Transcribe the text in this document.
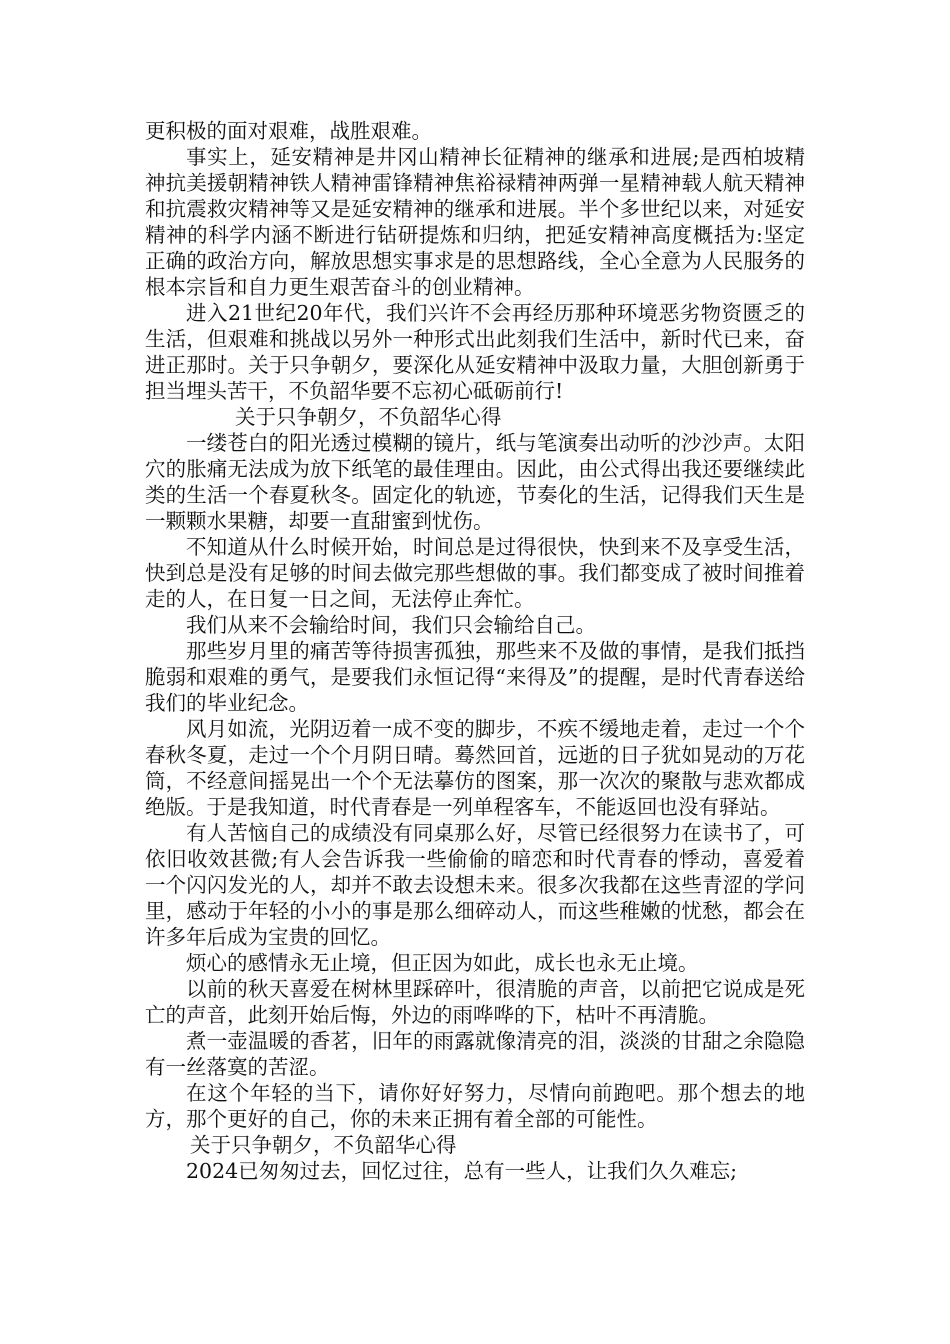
更积极的面对艰难，战胜艰难。

事实上，延安精神是井冈山精神长征精神的继承和进展;是西柏坡精神抗美援朝精神铁人精神雷锋精神焦裕禄精神两弹一星精神载人航天精神和抗震救灾精神等又是延安精神的继承和进展。半个多世纪以来，对延安精神的科学内涵不断进行钻研提炼和归纳，把延安精神高度概括为:坚定正确的政治方向，解放思想实事求是的思想路线，全心全意为人民服务的根本宗旨和自力更生艰苦奋斗的创业精神。

进入21世纪20年代，我们兴许不会再经历那种环境恶劣物资匮乏的生活，但艰难和挑战以另外一种形式出此刻我们生活中，新时代已来，奋进正那时。关于只争朝夕，要深化从延安精神中汲取力量，大胆创新勇于担当埋头苦干，不负韶华要不忘初心砥砺前行!

关于只争朝夕，不负韶华心得

一缕苍白的阳光透过模糊的镜片，纸与笔演奏出动听的沙沙声。太阳穴的胀痛无法成为放下纸笔的最佳理由。因此，由公式得出我还要继续此类的生活一个春夏秋冬。固定化的轨迹，节奏化的生活，记得我们天生是一颗颗水果糖，却要一直甜蜜到忧伤。

不知道从什么时候开始，时间总是过得很快，快到来不及享受生活，快到总是没有足够的时间去做完那些想做的事。我们都变成了被时间推着走的人，在日复一日之间，无法停止奔忙。

我们从来不会输给时间，我们只会输给自己。

那些岁月里的痛苦等待损害孤独，那些来不及做的事情，是我们抵挡脆弱和艰难的勇气，是要我们永恒记得“来得及”的提醒，是时代青春送给我们的毕业纪念。

风月如流，光阴迈着一成不变的脚步，不疾不缓地走着，走过一个个春秋冬夏，走过一个个月阴日晴。蓦然回首，远逝的日子犹如晃动的万花筒，不经意间摇晃出一个个无法摹仿的图案，那一次次的聚散与悲欢都成绝版。于是我知道，时代青春是一列单程客车，不能返回也没有驿站。

有人苦恼自己的成绩没有同桌那么好，尽管已经很努力在读书了，可依旧收效甚微;有人会告诉我一些偷偷的暗恋和时代青春的悸动，喜爱着一个闪闪发光的人，却并不敢去设想未来。很多次我都在这些青涩的学问里，感动于年轻的小小的事是那么细碎动人，而这些稚嫩的忧愁，都会在许多年后成为宝贵的回忆。

烦心的感情永无止境，但正因为如此，成长也永无止境。

以前的秋天喜爱在树林里踩碎叶，很清脆的声音，以前把它说成是死亡的声音，此刻开始后悔，外边的雨哗哗的下，枯叶不再清脆。

煮一壶温暖的香茗，旧年的雨露就像清亮的泪，淡淡的甘甜之余隐隐有一丝落寞的苦涩。

在这个年轻的当下，请你好好努力，尽情向前跑吧。那个想去的地方，那个更好的自己，你的未来正拥有着全部的可能性。

关于只争朝夕，不负韶华心得

2024已匆匆过去，回忆过往，总有一些人，让我们久久难忘;
